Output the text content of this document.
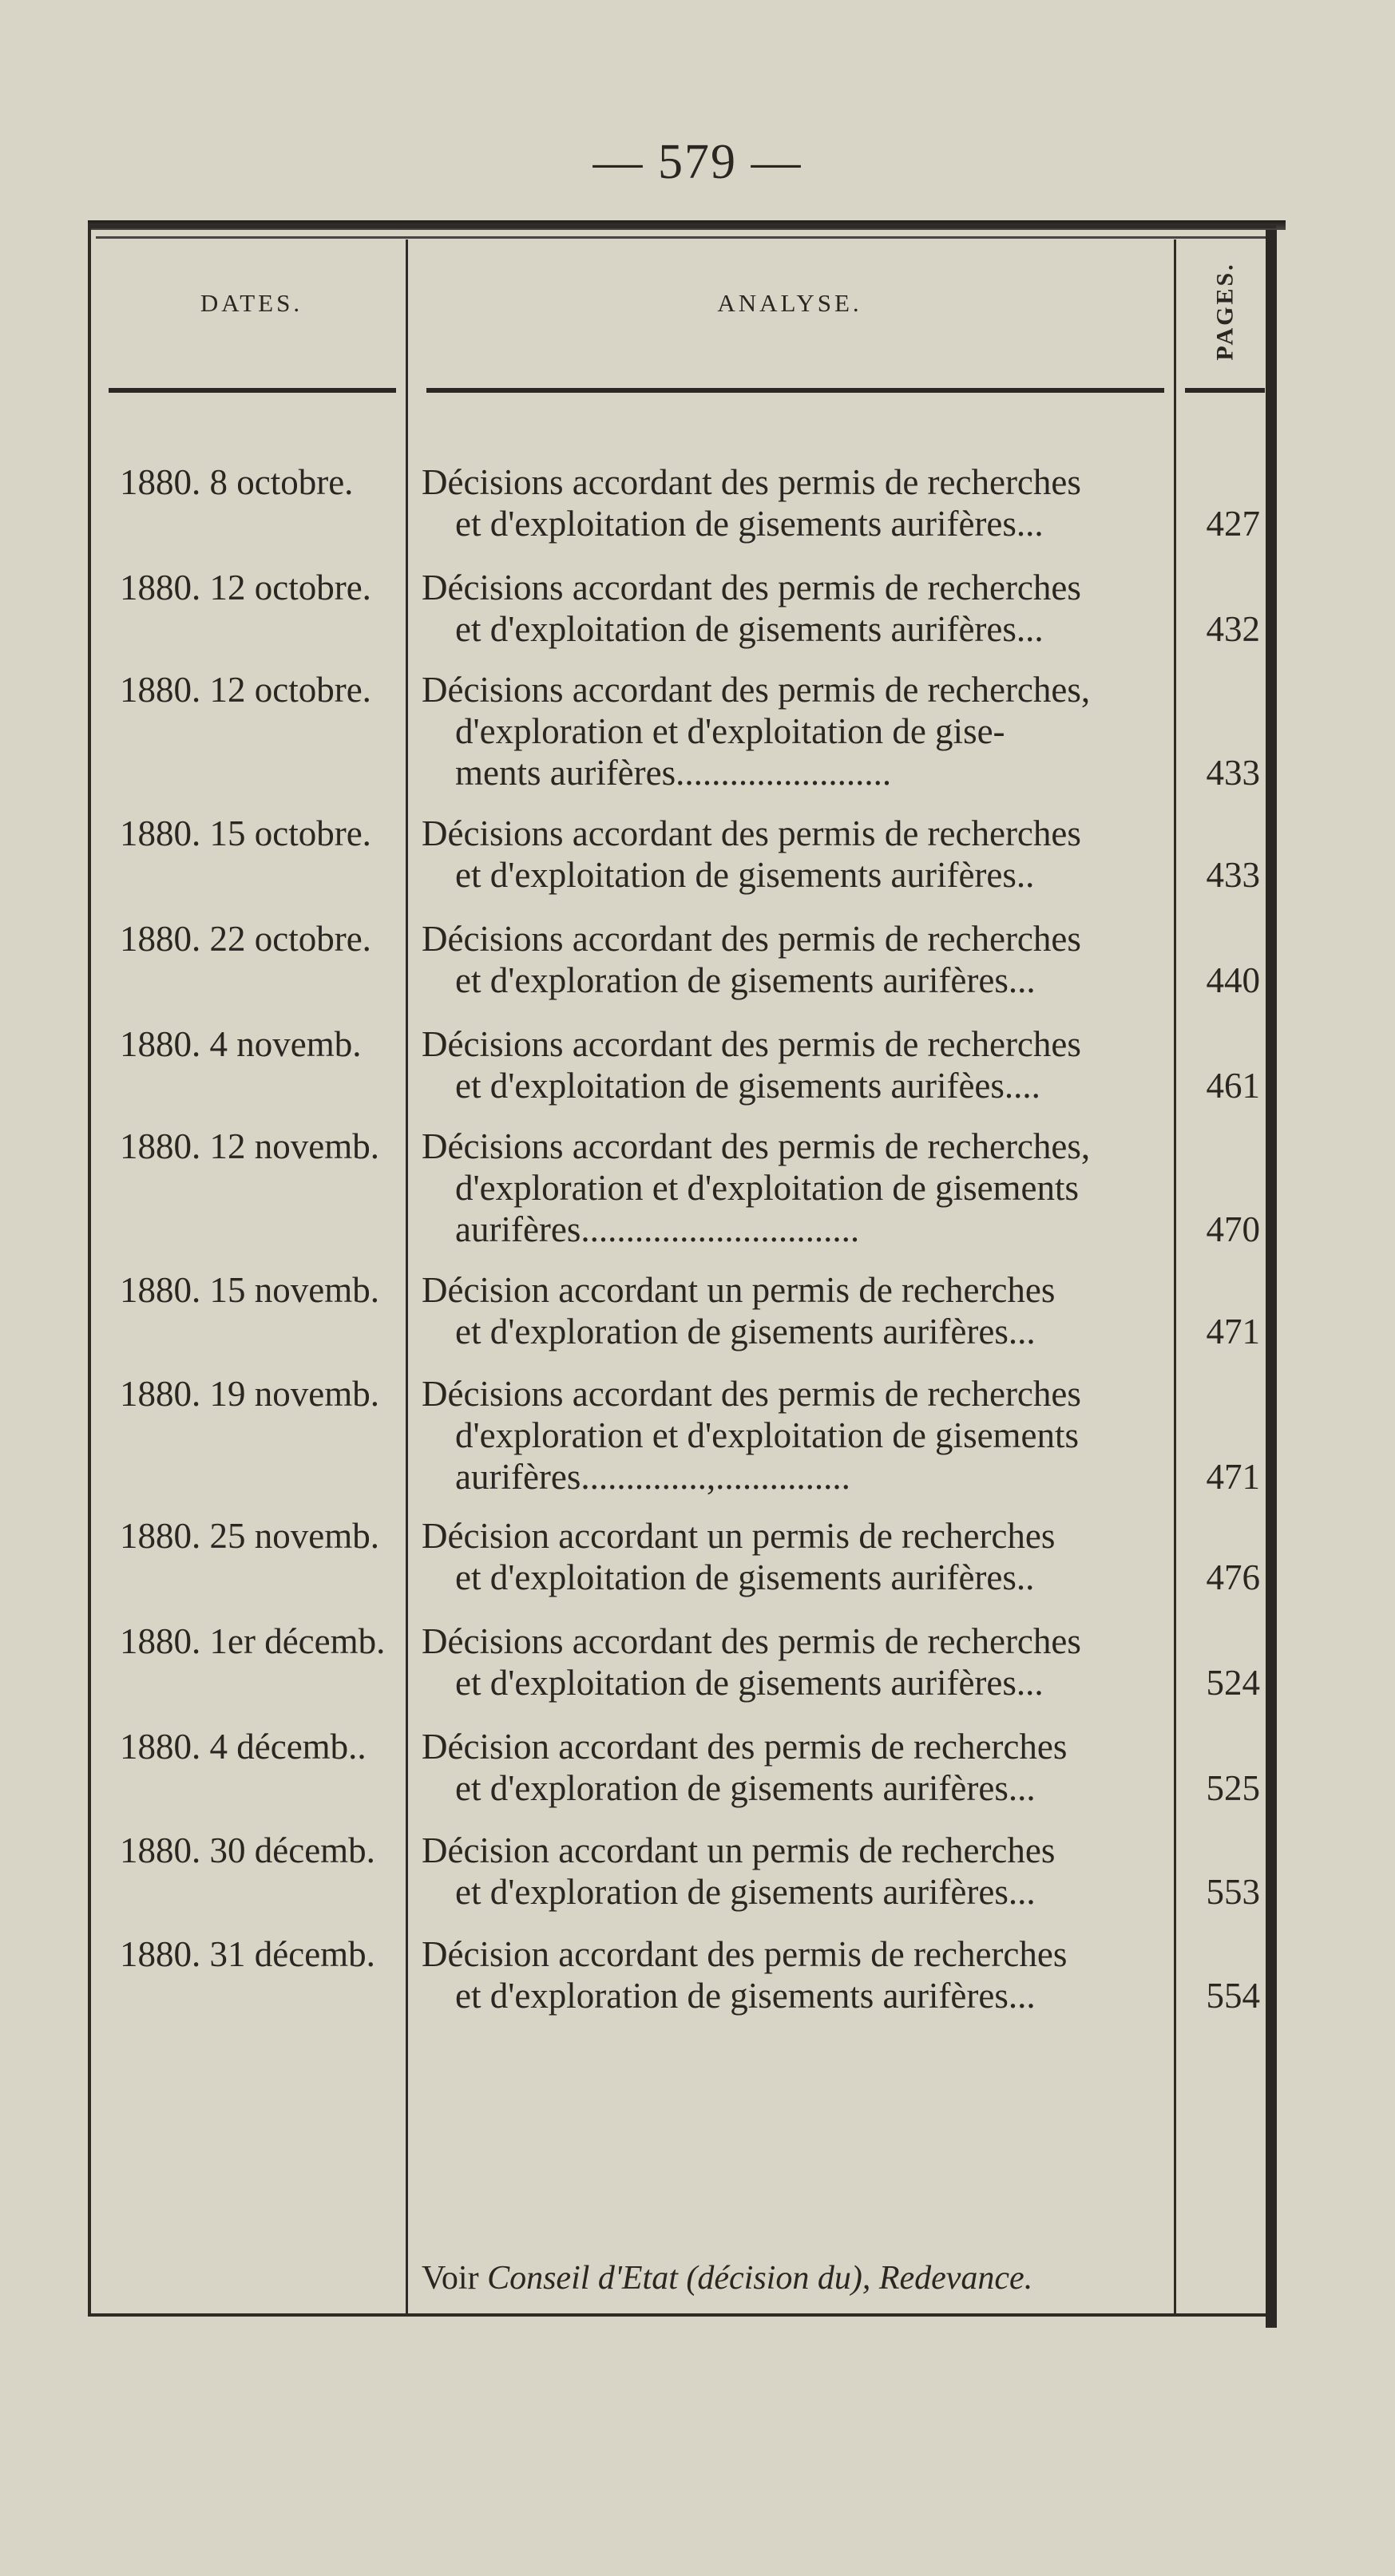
— 579 —
DATES.	ANALYSE.	PAGES.
1880. 8 octobre.	Décisions accordant des permis de recherches
et d'exploitation de gisements aurifères...	427
1880. 12 octobre.	Décisions accordant des permis de recherches
et d'exploitation de gisements aurifères...	432
1880. 12 octobre.	Décisions accordant des permis de recherches,
d'exploration et d'exploitation de gise-
ments aurifères........................	433
1880. 15 octobre.	Décisions accordant des permis de recherches
et d'exploitation de gisements aurifères..	433
1880. 22 octobre.	Décisions accordant des permis de recherches
et d'exploration de gisements aurifères...	440
1880. 4 novemb.	Décisions accordant des permis de recherches
et d'exploitation de gisements aurifèes....	461
1880. 12 novemb.	Décisions accordant des permis de recherches,
d'exploration et d'exploitation de gisements
aurifères...............................	470
1880. 15 novemb.	Décision accordant un permis de recherches
et d'exploration de gisements aurifères...	471
1880. 19 novemb.	Décisions accordant des permis de recherches
d'exploration et d'exploitation de gisements
aurifères..............,...............	471
1880. 25 novemb.	Décision accordant un permis de recherches
et d'exploitation de gisements aurifères..	476
1880. 1er décemb.	Décisions accordant des permis de recherches
et d'exploitation de gisements aurifères...	524
1880. 4 décemb..	Décision accordant des permis de recherches
et d'exploration de gisements aurifères...	525
1880. 30 décemb.	Décision accordant un permis de recherches
et d'exploration de gisements aurifères...	553
1880. 31 décemb.	Décision accordant des permis de recherches
et d'exploration de gisements aurifères...	554
Voir Conseil d'Etat (décision du), Redevance.
